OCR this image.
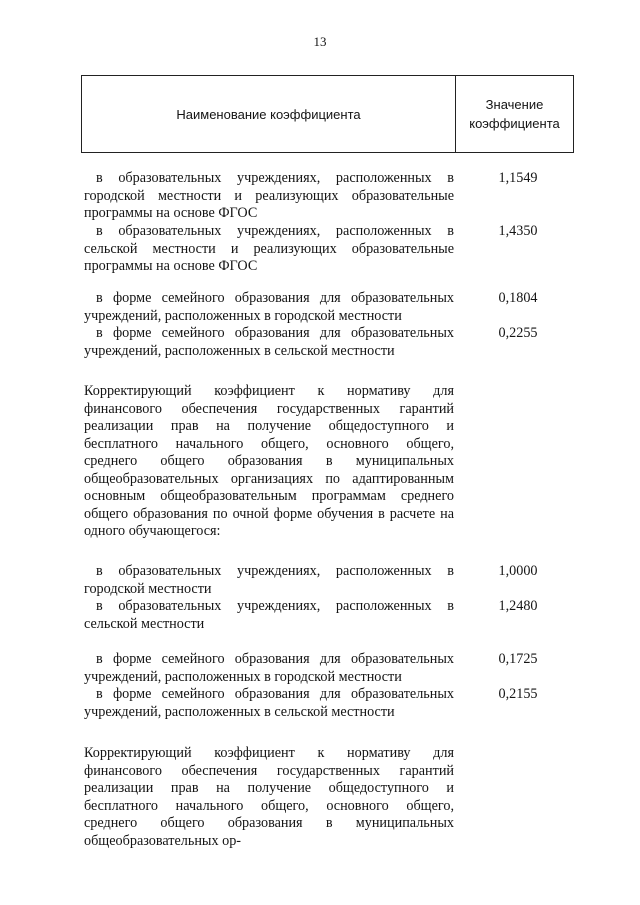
13
Наименование коэффициента
Значение
коэффициента
в образовательных учреждениях, расположенных в городской местности и реализующих образовательные программы на основе ФГОС
1,1549
в образовательных учреждениях, расположенных в сельской местности и реализующих образовательные программы на основе ФГОС
1,4350
в форме семейного образования для образовательных учреждений, расположенных в городской местности
0,1804
в форме семейного образования для образовательных учреждений, расположенных в сельской местности
0,2255
Корректирующий коэффициент к нормативу для финансового обеспечения государственных гарантий реализации прав на получение общедоступного и бесплатного начального общего, основного общего, среднего общего образования в муниципальных общеобразовательных организациях по адаптированным основным общеобразовательным программам среднего общего образования по очной форме обучения в расчете на одного обучающегося:
в образовательных учреждениях, расположенных в городской местности
1,0000
в образовательных учреждениях, расположенных в сельской местности
1,2480
в форме семейного образования для образовательных учреждений, расположенных в городской местности
0,1725
в форме семейного образования для образовательных учреждений, расположенных в сельской местности
0,2155
Корректирующий коэффициент к нормативу для финансового обеспечения государственных гарантий реализации прав на получение общедоступного и бесплатного начального общего, основного общего, среднего общего образования в муниципальных общеобразовательных ор-
